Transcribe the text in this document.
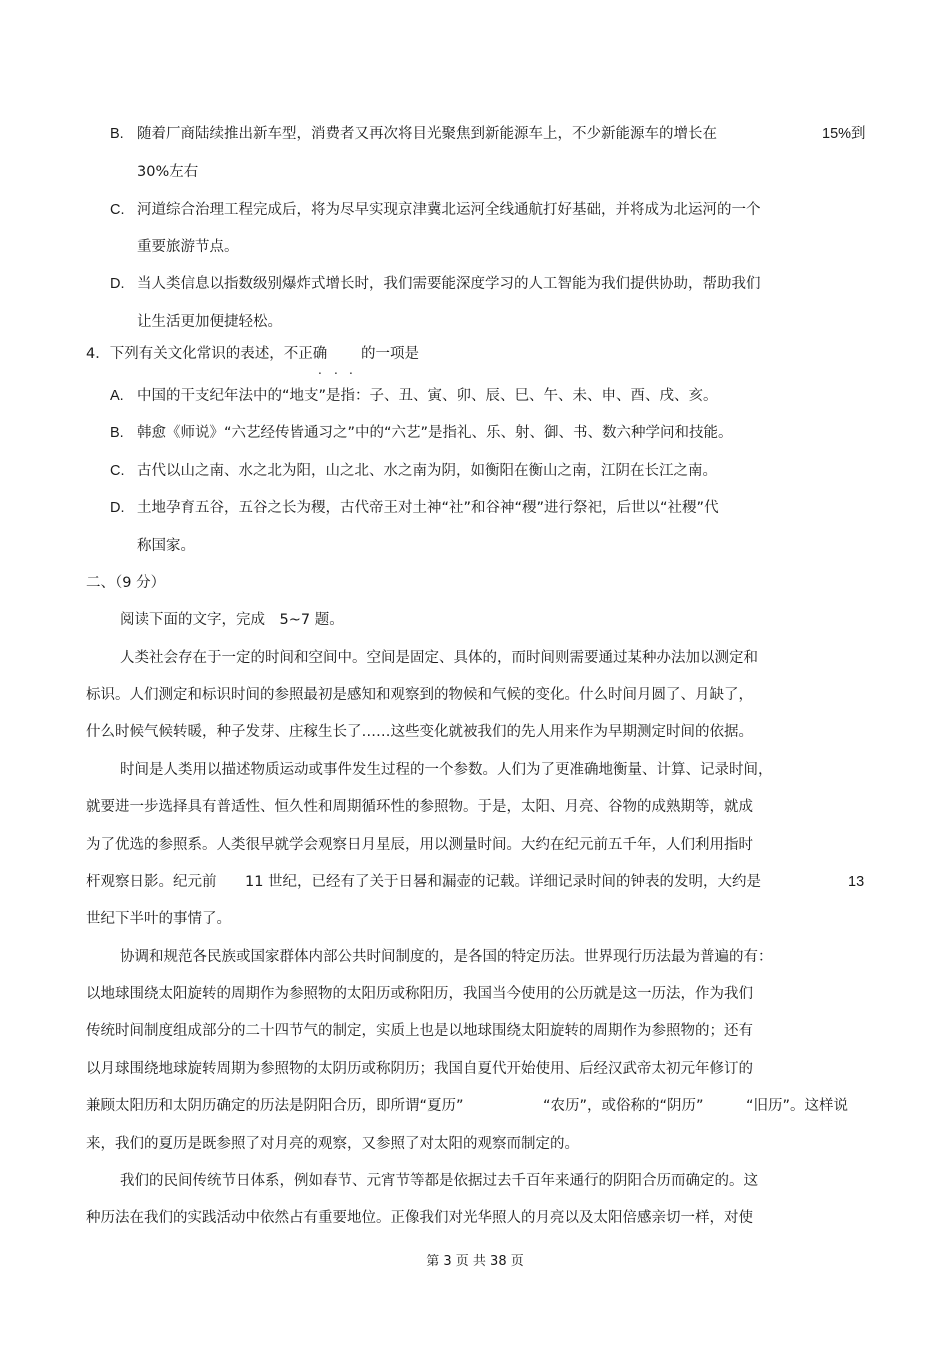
B. 随着厂商陆续推出新车型，消费者又再次将目光聚焦到新能源车上，不少新能源车的增长在	15%到
30%左右
C. 河道综合治理工程完成后，将为尽早实现京津冀北运河全线通航打好基础，并将成为北运河的一个
重要旅游节点。
D. 当人类信息以指数级别爆炸式增长时，我们需要能深度学习的人工智能为我们提供协助，帮助我们
让生活更加便捷轻松。
4．下列有关文化常识的表述，不正确
. . .
的一项是
A. 中国的干支纪年法中的“地支”是指：子、丑、寅、卯、辰、巳、午、未、申、酉、戌、亥。
B. 韩愈《师说》“六艺经传皆通习之”中的“六艺”是指礼、乐、射、御、书、数六种学问和技能。
C. 古代以山之南、水之北为阳，山之北、水之南为阴，如衡阳在衡山之南，江阴在长江之南。
D. 土地孕育五谷，五谷之长为稷，古代帝王对土神“社”和谷神“稷”进行祭祀，后世以“社稷”代
称国家。
二、（9 分）
阅读下面的文字，完成　5~7 题。
人类社会存在于一定的时间和空间中。空间是固定、具体的，而时间则需要通过某种办法加以测定和
标识。人们测定和标识时间的参照最初是感知和观察到的物候和气候的变化。什么时间月圆了、月缺了，
什么时候气候转暖，种子发芽、庄稼生长了……这些变化就被我们的先人用来作为早期测定时间的依据。
时间是人类用以描述物质运动或事件发生过程的一个参数。人们为了更准确地衡量、计算、记录时间，
就要进一步选择具有普适性、恒久性和周期循环性的参照物。于是，太阳、月亮、谷物的成熟期等，就成
为了优选的参照系。人类很早就学会观察日月星辰，用以测量时间。大约在纪元前五千年，人们利用指时
杆观察日影。纪元前 11 世纪，已经有了关于日晷和漏壶的记载。详细记录时间的钟表的发明，大约是	13
世纪下半叶的事情了。
协调和规范各民族或国家群体内部公共时间制度的，是各国的特定历法。世界现行历法最为普遍的有：
以地球围绕太阳旋转的周期作为参照物的太阳历或称阳历，我国当今使用的公历就是这一历法，作为我们
传统时间制度组成部分的二十四节气的制定，实质上也是以地球围绕太阳旋转的周期作为参照物的；还有
以月球围绕地球旋转周期为参照物的太阴历或称阴历；我国自夏代开始使用、后经汉武帝太初元年修订的
兼顾太阳历和太阴历确定的历法是阴阳合历，即所谓“夏历”	“农历”，或俗称的“阴历”	“旧历”。这样说
来，我们的夏历是既参照了对月亮的观察，又参照了对太阳的观察而制定的。
我们的民间传统节日体系，例如春节、元宵节等都是依据过去千百年来通行的阴阳合历而确定的。这
种历法在我们的实践活动中依然占有重要地位。正像我们对光华照人的月亮以及太阳倍感亲切一样，对使
第 3 页 共 38 页
